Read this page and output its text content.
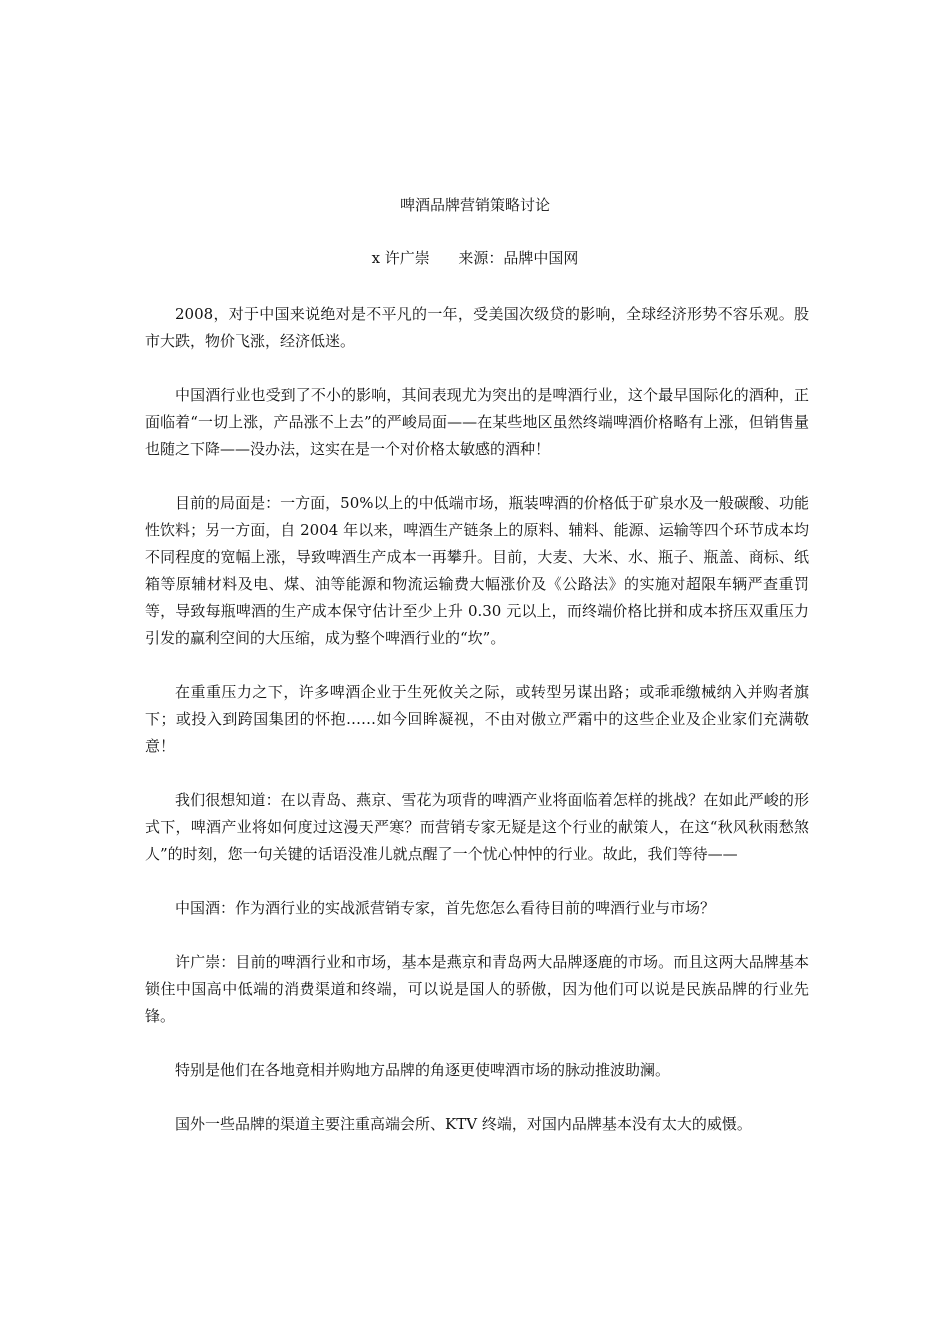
啤酒品牌营销策略讨论
x 许广崇      来源：品牌中国网

2008，对于中国来说绝对是不平凡的一年，受美国次级贷的影响，全球经济形势不容乐观。股市大跌，物价飞涨，经济低迷。

中国酒行业也受到了不小的影响，其间表现尤为突出的是啤酒行业，这个最早国际化的酒种，正面临着“一切上涨，产品涨不上去”的严峻局面——在某些地区虽然终端啤酒价格略有上涨，但销售量也随之下降——没办法，这实在是一个对价格太敏感的酒种！

目前的局面是：一方面，50%以上的中低端市场，瓶装啤酒的价格低于矿泉水及一般碳酸、功能性饮料；另一方面，自 2004 年以来，啤酒生产链条上的原料、辅料、能源、运输等四个环节成本均不同程度的宽幅上涨，导致啤酒生产成本一再攀升。目前，大麦、大米、水、瓶子、瓶盖、商标、纸箱等原辅材料及电、煤、油等能源和物流运输费大幅涨价及《公路法》的实施对超限车辆严查重罚等，导致每瓶啤酒的生产成本保守估计至少上升 0.30 元以上，而终端价格比拼和成本挤压双重压力引发的赢利空间的大压缩，成为整个啤酒行业的“坎”。

在重重压力之下，许多啤酒企业于生死攸关之际，或转型另谋出路；或乖乖缴械纳入并购者旗下；或投入到跨国集团的怀抱……如今回眸凝视，不由对傲立严霜中的这些企业及企业家们充满敬意！

我们很想知道：在以青岛、燕京、雪花为项背的啤酒产业将面临着怎样的挑战？在如此严峻的形式下，啤酒产业将如何度过这漫天严寒？而营销专家无疑是这个行业的献策人，在这“秋风秋雨愁煞人”的时刻，您一句关键的话语没准儿就点醒了一个忧心忡忡的行业。故此，我们等待——

中国酒：作为酒行业的实战派营销专家，首先您怎么看待目前的啤酒行业与市场？

许广崇：目前的啤酒行业和市场，基本是燕京和青岛两大品牌逐鹿的市场。而且这两大品牌基本锁住中国高中低端的消费渠道和终端，可以说是国人的骄傲，因为他们可以说是民族品牌的行业先锋。

特别是他们在各地竟相并购地方品牌的角逐更使啤酒市场的脉动推波助澜。

国外一些品牌的渠道主要注重高端会所、KTV 终端，对国内品牌基本没有太大的威慑。
